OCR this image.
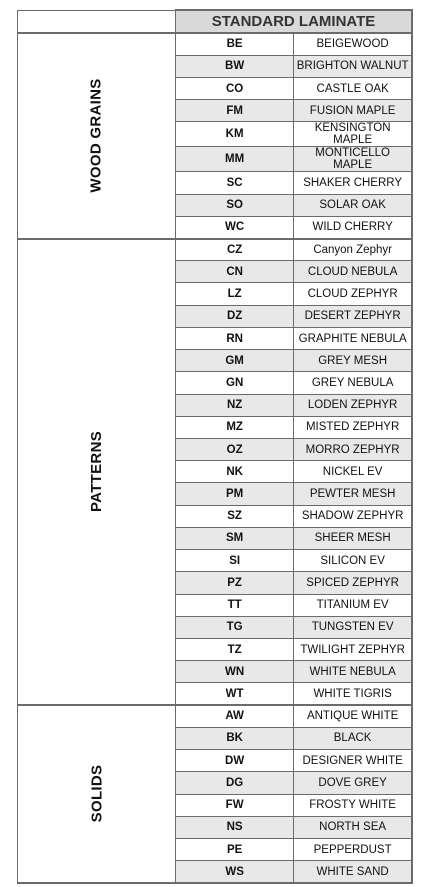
	STANDARD LAMINATE	
WOOD GRAINS	BE	BEIGEWOOD
	BW	BRIGHTON WALNUT
	CO	CASTLE OAK
	FM	FUSION MAPLE
	KM	KENSINGTON MAPLE
	MM	MONTICELLO MAPLE
	SC	SHAKER CHERRY
	SO	SOLAR OAK
	WC	WILD CHERRY
PATTERNS	CZ	Canyon Zephyr
	CN	CLOUD NEBULA
	LZ	CLOUD ZEPHYR
	DZ	DESERT ZEPHYR
	RN	GRAPHITE NEBULA
	GM	GREY MESH
	GN	GREY NEBULA
	NZ	LODEN ZEPHYR
	MZ	MISTED ZEPHYR
	OZ	MORRO ZEPHYR
	NK	NICKEL EV
	PM	PEWTER MESH
	SZ	SHADOW ZEPHYR
	SM	SHEER MESH
	SI	SILICON EV
	PZ	SPICED ZEPHYR
	TT	TITANIUM EV
	TG	TUNGSTEN EV
	TZ	TWILIGHT ZEPHYR
	WN	WHITE NEBULA
	WT	WHITE TIGRIS
SOLIDS	AW	ANTIQUE WHITE
	BK	BLACK
	DW	DESIGNER WHITE
	DG	DOVE GREY
	FW	FROSTY WHITE
	NS	NORTH SEA
	PE	PEPPERDUST
	WS	WHITE SAND
